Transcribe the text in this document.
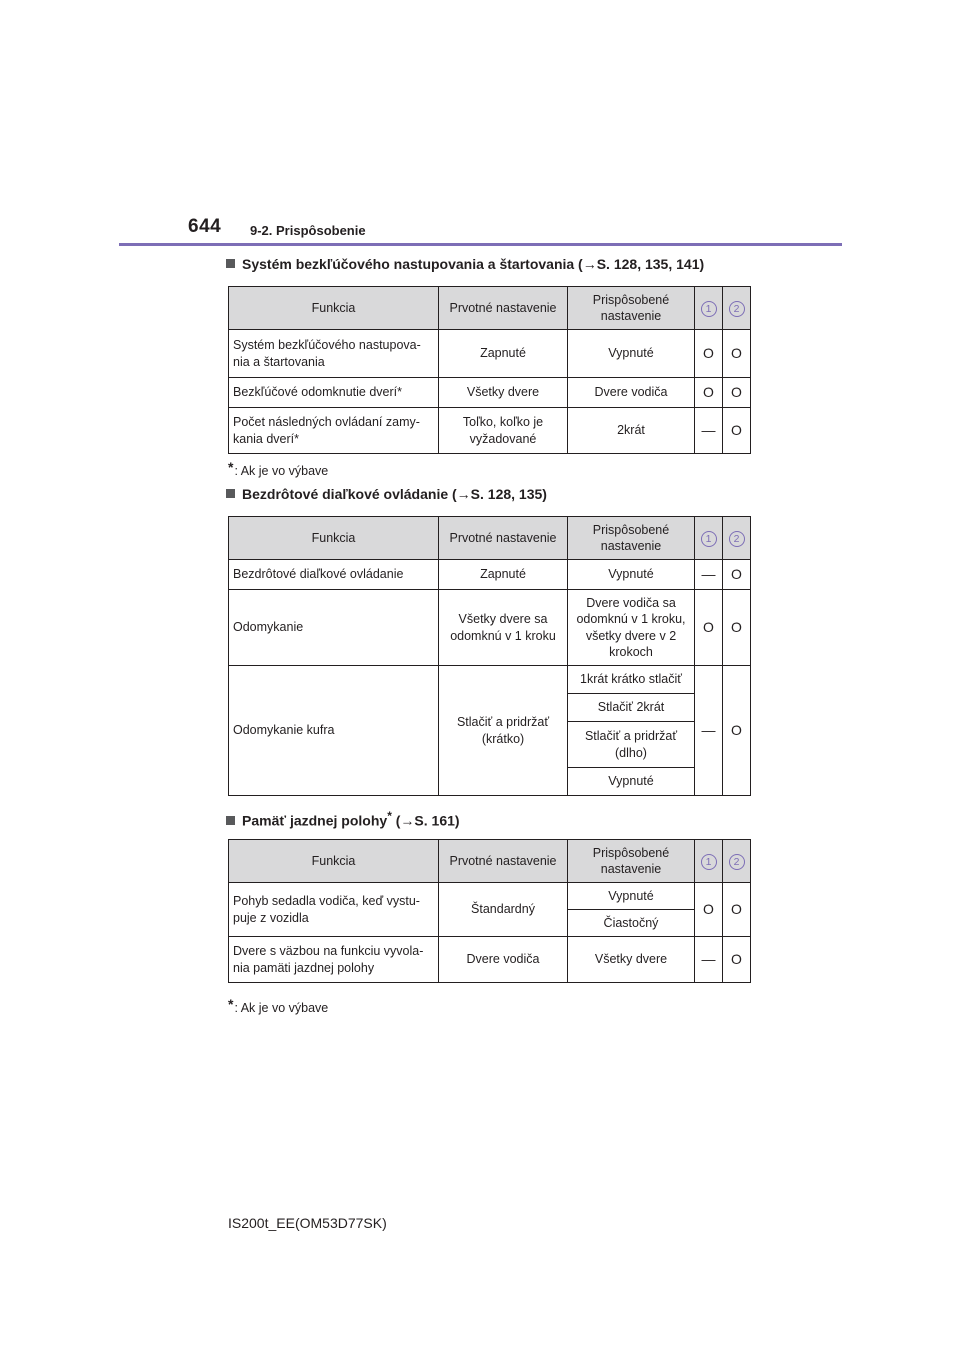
644 9-2. Prispôsobenie
Systém bezkľúčového nastupovania a štartovania (→S. 128, 135, 141)
Funkcia	Prvotné nastavenie	Prispôsobené nastavenie	1	2
Systém bezkľúčového nastupova-nia a štartovania	Zapnuté	Vypnuté	O	O
Bezkľúčové odomknutie dverí*	Všetky dvere	Dvere vodiča	O	O
Počet následných ovládaní zamy-kania dverí*	Toľko, koľko je vyžadované	2krát	—	O
*: Ak je vo výbave
Bezdrôtové diaľkové ovládanie (→S. 128, 135)
Funkcia	Prvotné nastavenie	Prispôsobené nastavenie	1	2
Bezdrôtové diaľkové ovládanie	Zapnuté	Vypnuté	—	O
Odomykanie	Všetky dvere sa odomknú v 1 kroku	Dvere vodiča sa odomknú v 1 kroku, všetky dvere v 2 krokoch	O	O
Odomykanie kufra	Stlačiť a pridržať (krátko)	1krát krátko stlačiť	—	O
		Stlačiť 2krát		
		Stlačiť a pridržať (dlho)		
		Vypnuté		
Pamäť jazdnej polohy* (→S. 161)
Funkcia	Prvotné nastavenie	Prispôsobené nastavenie	1	2
Pohyb sedadla vodiča, keď vystu-puje z vozidla	Štandardný	Vypnuté	O	O
		Čiastočný		
Dvere s väzbou na funkciu vyvola-nia pamäti jazdnej polohy	Dvere vodiča	Všetky dvere	—	O
*: Ak je vo výbave
IS200t_EE(OM53D77SK)
